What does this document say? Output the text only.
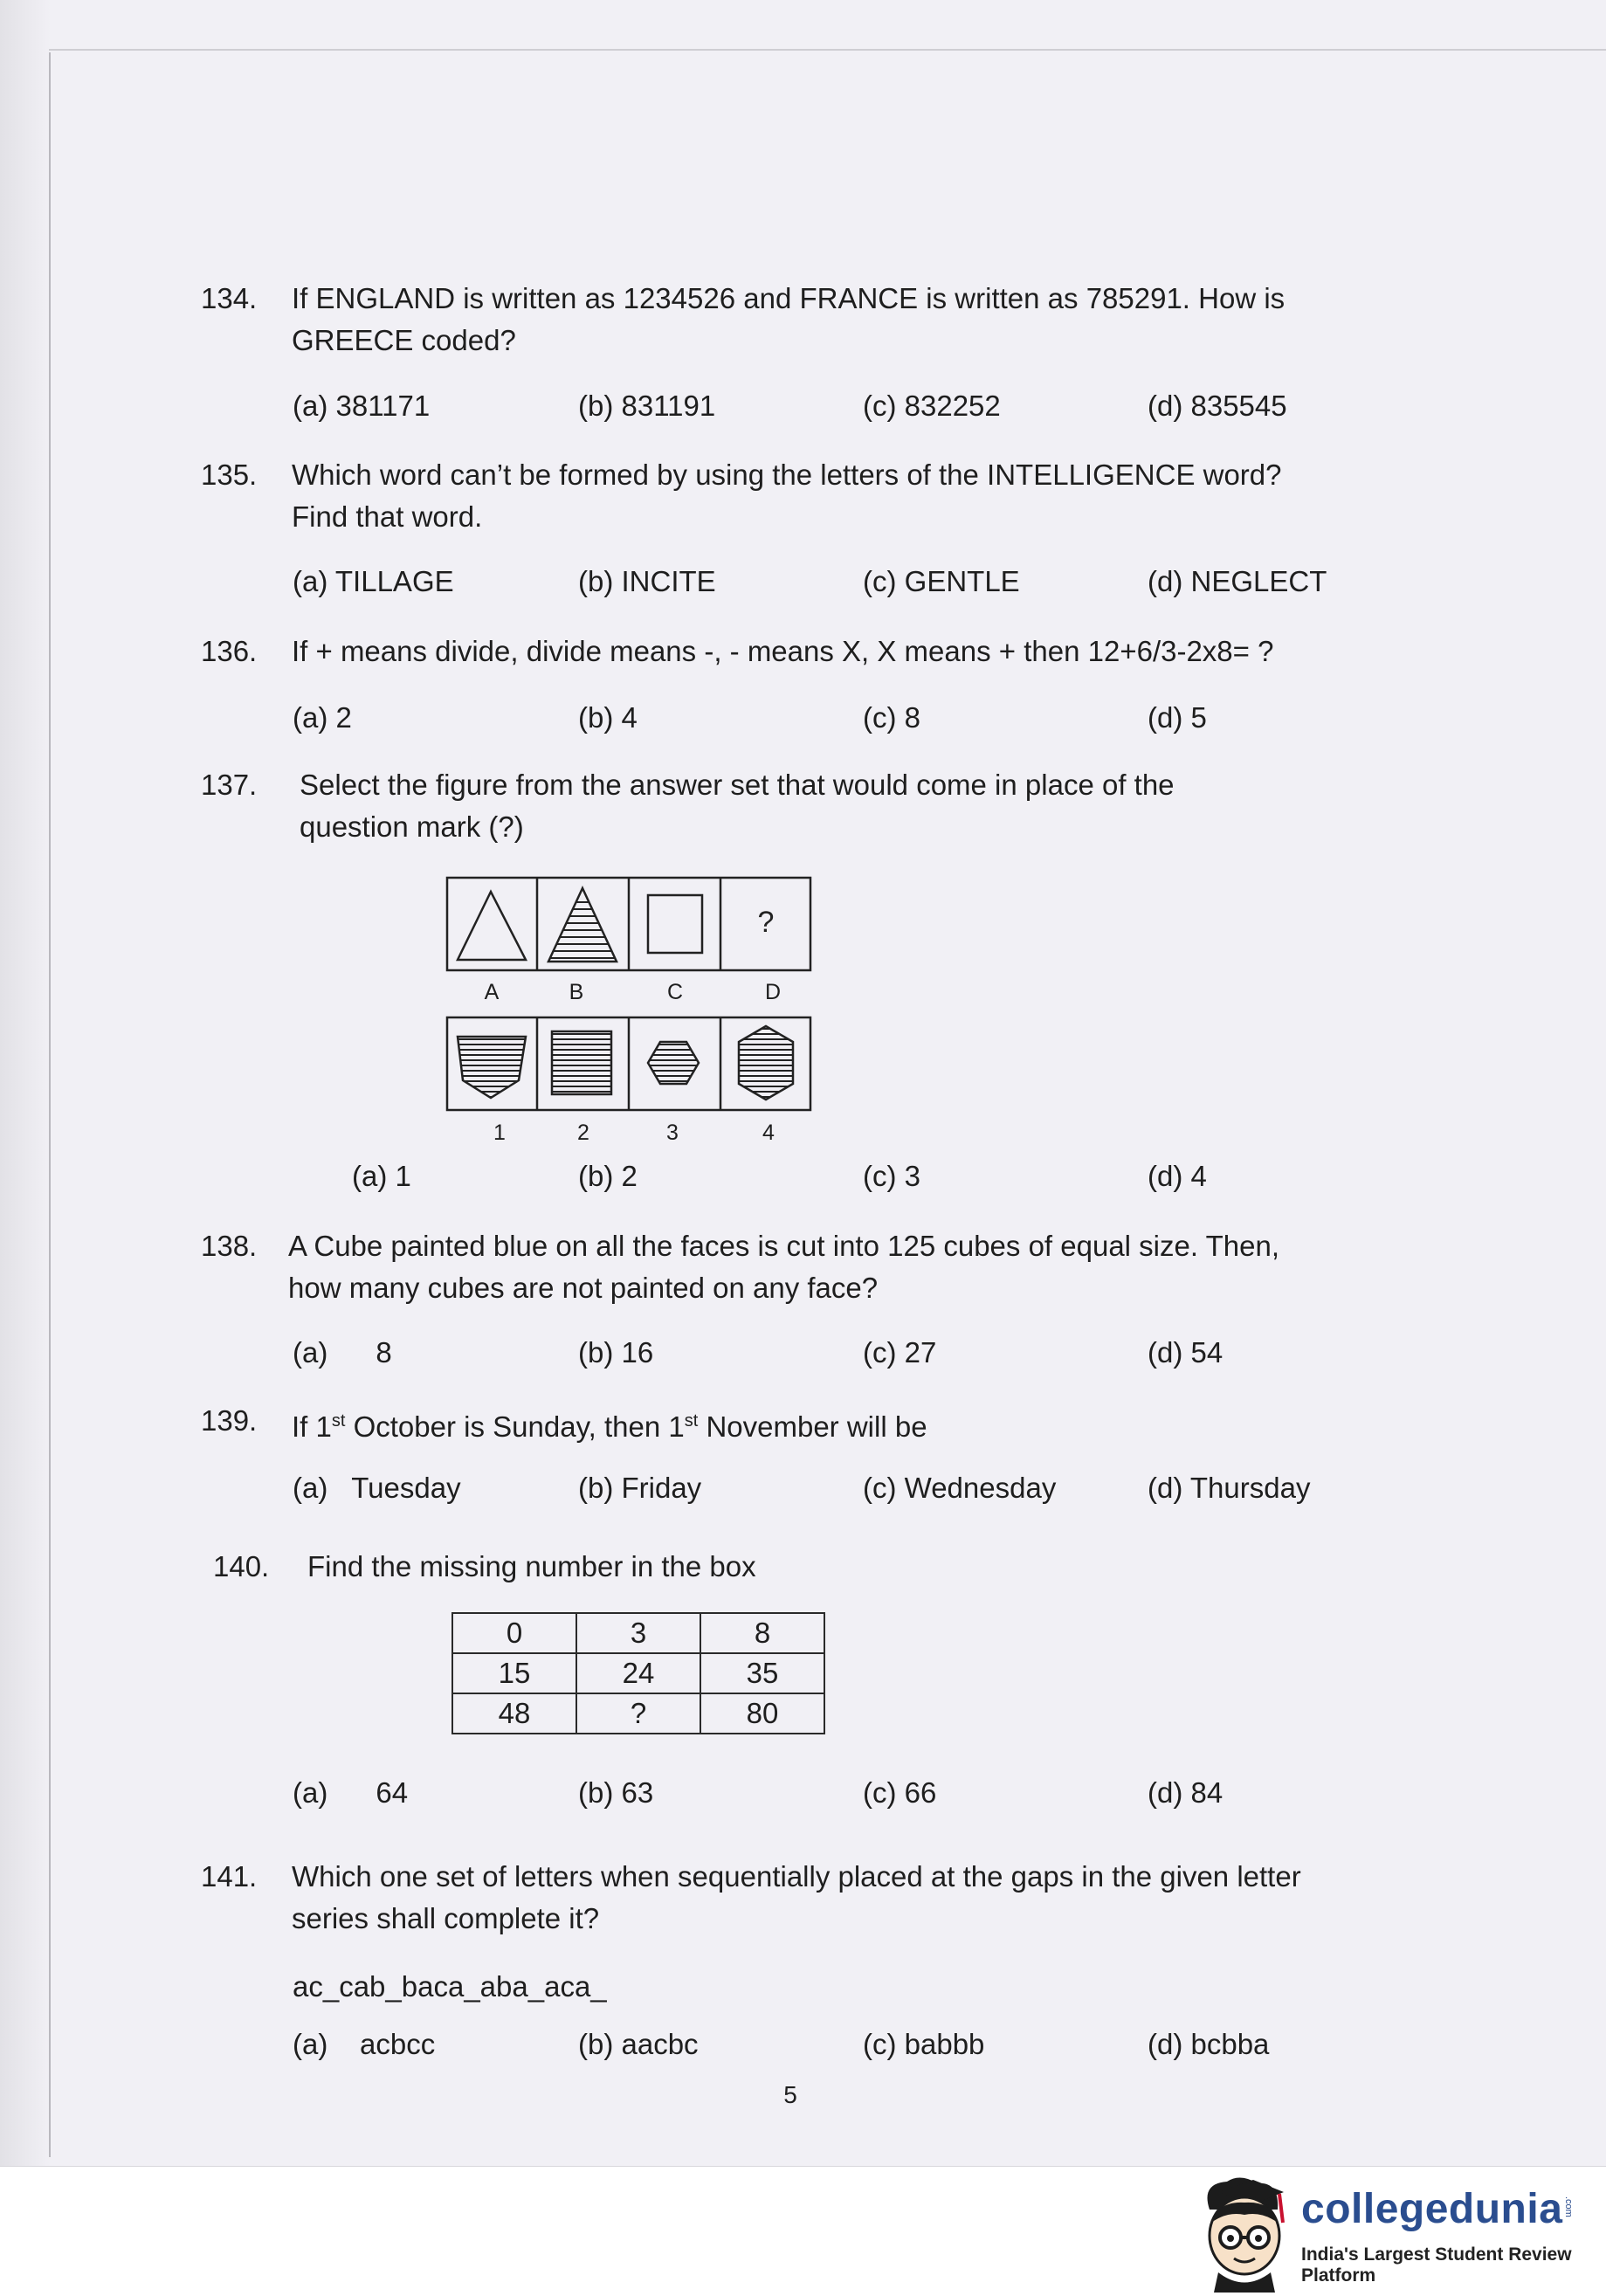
134. If ENGLAND is written as 1234526 and FRANCE is written as 785291. How is
GREECE coded?
(a) 381171	(b) 831191	(c) 832252	(d) 835545
135. Which word can’t be formed by using the letters of the INTELLIGENCE word?
Find that word.
(a) TILLAGE	(b) INCITE	(c) GENTLE	(d) NEGLECT
136. If + means divide, divide means -, - means X, X means + then 12+6/3-2x8= ?
(a) 2	(b) 4	(c) 8	(d) 5
137. Select the figure from the answer set that would come in place of the
question mark (?)
?
A	B	C	D
1	2	3	4
(a) 1	(b) 2	(c) 3	(d) 4
138. A Cube painted blue on all the faces is cut into 125 cubes of equal size. Then,
how many cubes are not painted on any face?
(a)      8	(b) 16	(c) 27	(d) 54
139. If 1st October is Sunday, then 1st November will be
(a)   Tuesday	(b) Friday	(c) Wednesday	(d) Thursday
140. Find the missing number in the box
0	3	8
15	24	35
48	?	80
(a)      64	(b) 63	(c) 66	(d) 84
141. Which one set of letters when sequentially placed at the gaps in the given letter
series shall complete it?
ac_cab_baca_aba_aca_
(a)    acbcc	(b) aacbc	(c) babbb	(d) bcbba
5
collegedunia .com
India's Largest Student Review Platform
